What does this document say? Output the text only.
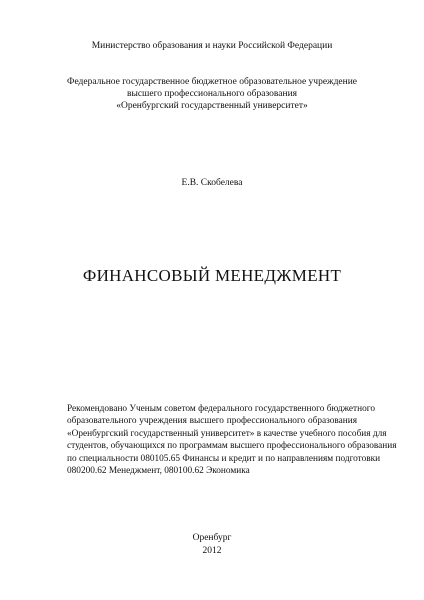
Министерство образования и науки Российской Федерации
Федеральное государственное бюджетное образовательное учреждение
высшего профессионального образования
«Оренбургский государственный университет»
Е.В. Скобелева
ФИНАНСОВЫЙ МЕНЕДЖМЕНТ
Рекомендовано Ученым советом федерального государственного бюджетного
образовательного учреждения высшего профессионального образования
«Оренбургский государственный университет» в качестве учебного пособия для
студентов, обучающихся по программам высшего профессионального образования
по специальности 080105.65 Финансы и кредит и по направлениям подготовки
080200.62 Менеджмент, 080100.62 Экономика
Оренбург
2012
